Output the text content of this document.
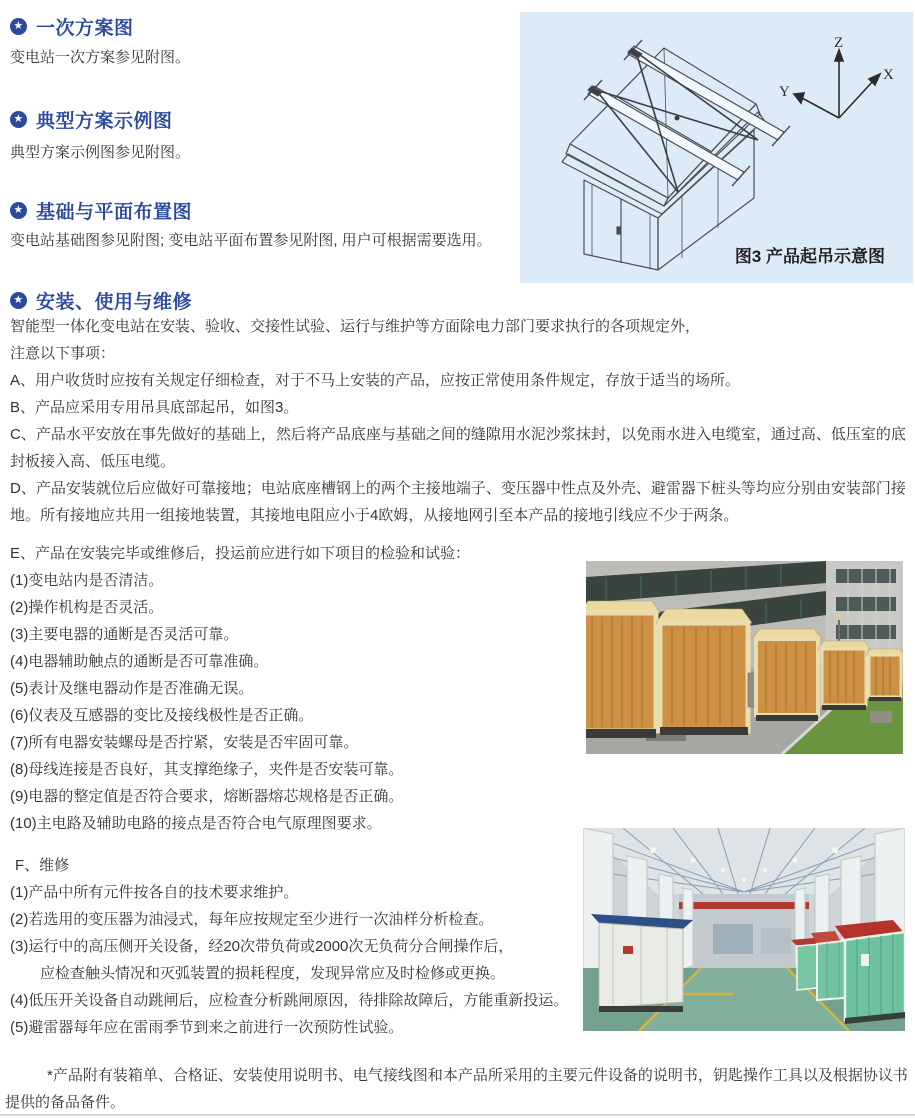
★ 一次方案图

变电站一次方案参见附图。

★ 典型方案示例图

典型方案示例图参见附图。

★ 基础与平面布置图

变电站基础图参见附图; 变电站平面布置参见附图, 用户可根据需要选用。

Z
X
Y
图3 产品起吊示意图
★ 安装、使用与维修

智能型一体化变电站在安装、验收、交接性试验、运行与维护等方面除电力部门要求执行的各项规定外，

注意以下事项：

A、用户收货时应按有关规定仔细检查，对于不马上安装的产品，应按正常使用条件规定，存放于适当的场所。

B、产品应采用专用吊具底部起吊，如图3。

C、产品水平安放在事先做好的基础上，然后将产品底座与基础之间的缝隙用水泥沙浆抹封，以免雨水进入电缆室，通过高、低压室的底封板接入高、低压电缆。

D、产品安装就位后应做好可靠接地；电站底座槽钢上的两个主接地端子、变压器中性点及外壳、避雷器下桩头等均应分别由安装部门接地。所有接地应共用一组接地装置，其接地电阻应小于4欧姆，从接地网引至本产品的接地引线应不少于两条。

E、产品在安装完毕或维修后，投运前应进行如下项目的检验和试验：

(1)变电站内是否清洁。

(2)操作机构是否灵活。

(3)主要电器的通断是否灵活可靠。

(4)电器辅助触点的通断是否可靠准确。

(5)表计及继电器动作是否准确无误。

(6)仪表及互感器的变比及接线极性是否正确。

(7)所有电器安装螺母是否拧紧，安装是否牢固可靠。

(8)母线连接是否良好，其支撑绝缘子，夹件是否安装可靠。

(9)电器的整定值是否符合要求，熔断器熔芯规格是否正确。

(10)主电路及辅助电路的接点是否符合电气原理图要求。

F、维修

(1)产品中所有元件按各自的技术要求维护。

(2)若选用的变压器为油浸式，每年应按规定至少进行一次油样分析检查。

(3)运行中的高压侧开关设备，经20次带负荷或2000次无负荷分合闸操作后，

应检查触头情况和灭弧装置的损耗程度，发现异常应及时检修或更换。

(4)低压开关设备自动跳闸后，应检查分析跳闸原因，待排除故障后，方能重新投运。

(5)避雷器每年应在雷雨季节到来之前进行一次预防性试验。

*产品附有装箱单、合格证、安装使用说明书、电气接线图和本产品所采用的主要元件设备的说明书，钥匙操作工具以及根据协议书提供的备品备件。
